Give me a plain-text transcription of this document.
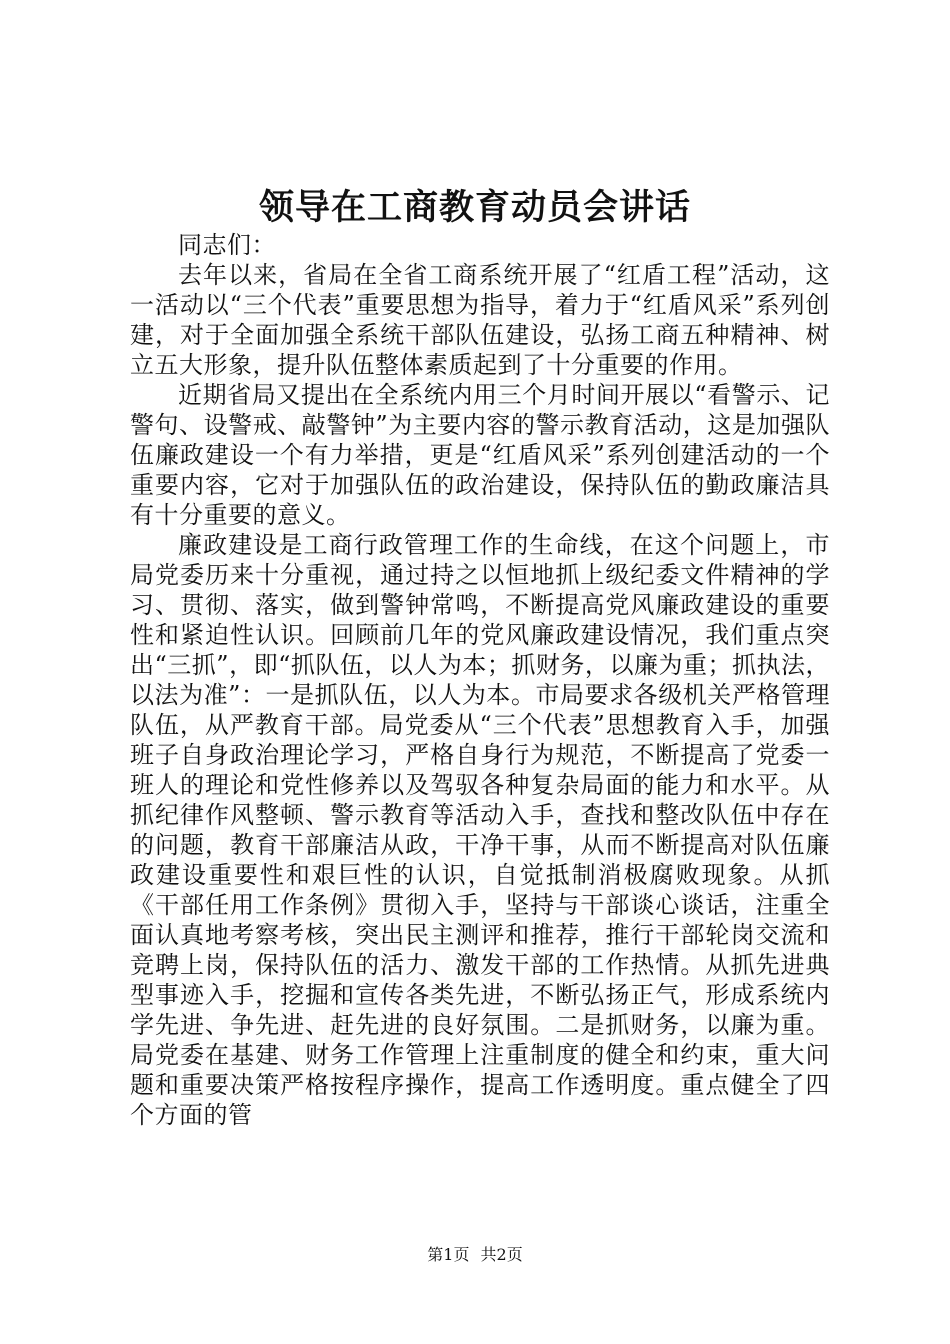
领导在工商教育动员会讲话

同志们：

去年以来，省局在全省工商系统开展了“红盾工程”活动，这一活动以“三个代表”重要思想为指导，着力于“红盾风采”系列创建，对于全面加强全系统干部队伍建设，弘扬工商五种精神、树立五大形象，提升队伍整体素质起到了十分重要的作用。

近期省局又提出在全系统内用三个月时间开展以“看警示、记警句、设警戒、敲警钟”为主要内容的警示教育活动，这是加强队伍廉政建设一个有力举措，更是“红盾风采”系列创建活动的一个重要内容，它对于加强队伍的政治建设，保持队伍的勤政廉洁具有十分重要的意义。

廉政建设是工商行政管理工作的生命线，在这个问题上，市局党委历来十分重视，通过持之以恒地抓上级纪委文件精神的学习、贯彻、落实，做到警钟常鸣，不断提高党风廉政建设的重要性和紧迫性认识。回顾前几年的党风廉政建设情况，我们重点突出“三抓”，即“抓队伍，以人为本；抓财务，以廉为重；抓执法，以法为准”：一是抓队伍，以人为本。市局要求各级机关严格管理队伍，从严教育干部。局党委从“三个代表”思想教育入手，加强班子自身政治理论学习，严格自身行为规范，不断提高了党委一班人的理论和党性修养以及驾驭各种复杂局面的能力和水平。从抓纪律作风整顿、警示教育等活动入手，查找和整改队伍中存在的问题，教育干部廉洁从政，干净干事，从而不断提高对队伍廉政建设重要性和艰巨性的认识，自觉抵制消极腐败现象。从抓《干部任用工作条例》贯彻入手，坚持与干部谈心谈话，注重全面认真地考察考核，突出民主测评和推荐，推行干部轮岗交流和竞聘上岗，保持队伍的活力、激发干部的工作热情。从抓先进典型事迹入手，挖掘和宣传各类先进，不断弘扬正气，形成系统内学先进、争先进、赶先进的良好氛围。二是抓财务，以廉为重。局党委在基建、财务工作管理上注重制度的健全和约束，重大问题和重要决策严格按程序操作，提高工作透明度。重点健全了四个方面的管

第1页 共2页
